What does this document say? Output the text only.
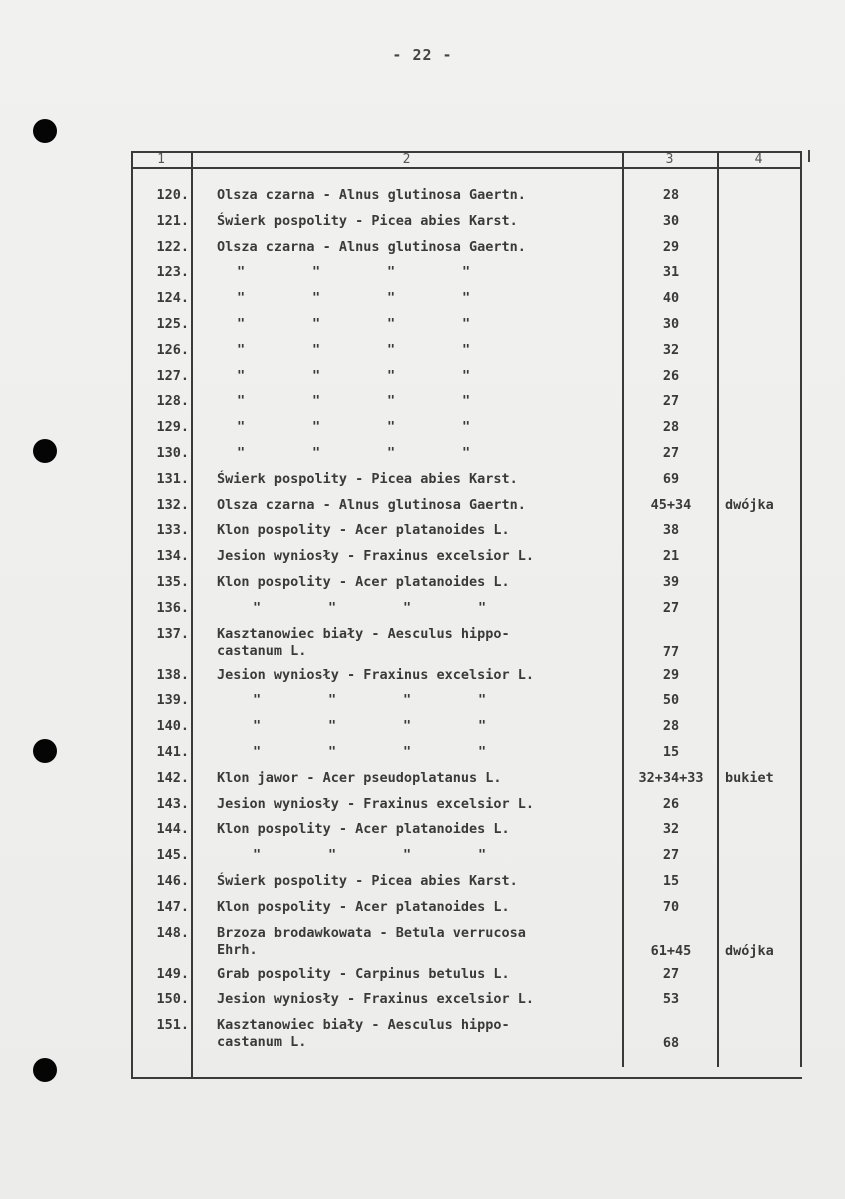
- 22 -
1	2	3	4
120. Olsza czarna - Alnus glutinosa Gaertn.	28
121. Świerk pospolity - Picea abies Karst.	30
122. Olsza czarna - Alnus glutinosa Gaertn.	29
123.	"	"	"	"	31
124.	"	"	"	"	40
125.	"	"	"	"	30
126.	"	"	"	"	32
127.	"	"	"	"	26
128.	"	"	"	"	27
129.	"	"	"	"	28
130.	"	"	"	"	27
131. Świerk pospolity - Picea abies Karst.	69
132. Olsza czarna - Alnus glutinosa Gaertn.	45+34	dwójka
133. Klon pospolity - Acer platanoides L.	38
134. Jesion wyniosły - Fraxinus excelsior L.	21
135. Klon pospolity - Acer platanoides L.	39
136.	"	"	"	"	27
137. Kasztanowiec biały - Aesculus hippo-
castanum L.	77
138. Jesion wyniosły - Fraxinus excelsior L.	29
139.	"	"	"	"	50
140.	"	"	"	"	28
141.	"	"	"	"	15
142. Klon jawor - Acer pseudoplatanus L.	32+34+33	bukiet
143. Jesion wyniosły - Fraxinus excelsior L.	26
144. Klon pospolity - Acer platanoides L.	32
145.	"	"	"	"	27
146. Świerk pospolity - Picea abies Karst.	15
147. Klon pospolity - Acer platanoides L.	70
148. Brzoza brodawkowata - Betula verrucosa
Ehrh.	61+45	dwójka
149. Grab pospolity - Carpinus betulus L.	27
150. Jesion wyniosły - Fraxinus excelsior L.	53
151. Kasztanowiec biały - Aesculus hippo-
castanum L.	68
